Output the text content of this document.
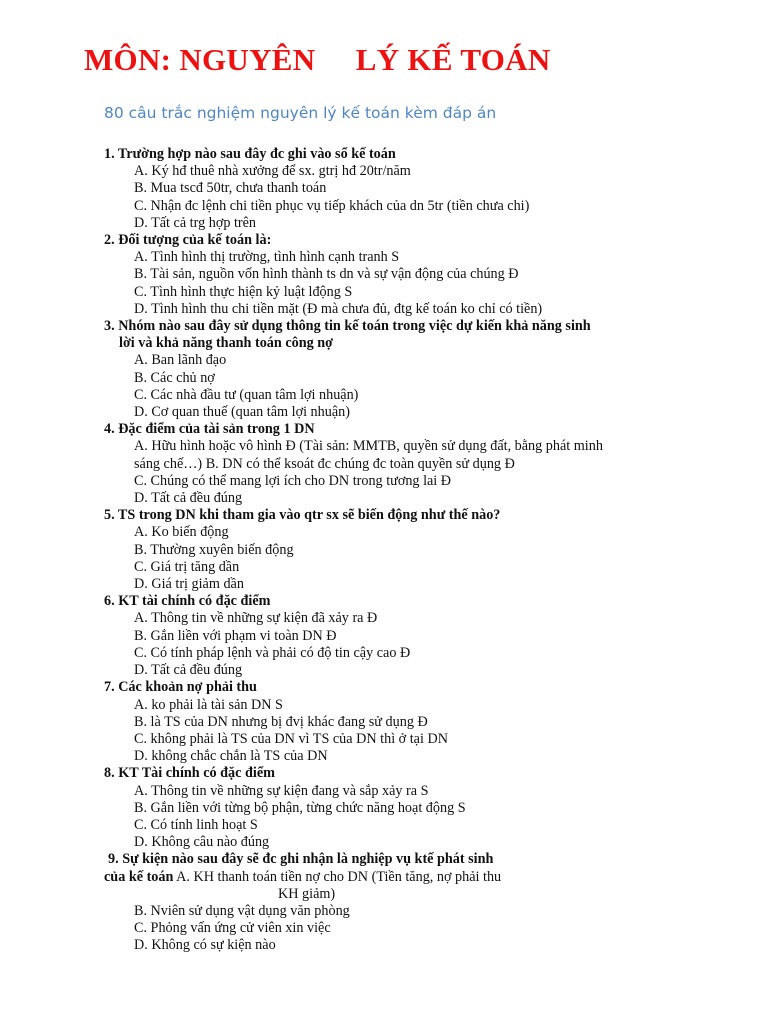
MÔN: NGUYÊN     LÝ KẾ TOÁN
80 câu trắc nghiệm nguyên lý kế toán kèm đáp án
1. Trường hợp nào sau đây đc ghi vào sổ kế toán
A. Ký hđ thuê nhà xưởng để sx. gtrị hđ 20tr/năm
B. Mua tscđ 50tr, chưa thanh toán
C. Nhận đc lệnh chi tiền phục vụ tiếp khách của dn 5tr (tiền chưa chi)
D. Tất cả trg hợp trên
2. Đối tượng của kế toán là:
A. Tình hình thị trường, tình hình cạnh tranh S
B. Tài sản, nguồn vốn hình thành ts dn và sự vận động của chúng Đ
C. Tình hình thực hiện kỷ luật lđộng S
D. Tình hình thu chi tiền mặt (Đ mà chưa đủ, đtg kế toán ko chỉ có tiền)
3. Nhóm nào sau đây sử dụng thông tin kế toán trong việc dự kiến khả năng sinh
lời và khả năng thanh toán công nợ
A. Ban lãnh đạo
B. Các chủ nợ
C. Các nhà đầu tư (quan tâm lợi nhuận)
D. Cơ quan thuế (quan tâm lợi nhuận)
4. Đặc điểm của tài sản trong 1 DN
A. Hữu hình hoặc vô hình Đ (Tài sản: MMTB, quyền sử dụng đất, bằng phát minh
sáng chế…) B. DN có thể ksoát đc chúng đc toàn quyền sử dụng Đ
C. Chúng có thể mang lợi ích cho DN trong tương lai Đ
D. Tất cả đều đúng
5. TS trong DN khi tham gia vào qtr sx sẽ biến động như thế nào?
A. Ko biến động
B. Thường xuyên biến động
C. Giá trị tăng dần
D. Giá trị giảm dần
6. KT tài chính có đặc điểm
A. Thông tin về những sự kiện đã xảy ra Đ
B. Gắn liền với phạm vi toàn DN Đ
C. Có tính pháp lệnh và phải có độ tin cậy cao Đ
D. Tất cả đều đúng
7. Các khoản nợ phải thu
A. ko phải là tài sản DN S
B. là TS của DN nhưng bị đvị khác đang sử dụng Đ
C. không phải là TS của DN vì TS của DN thì ở tại DN
D. không chắc chắn là TS của DN
8. KT Tài chính có đặc điểm
A. Thông tin về những sự kiện đang và sắp xảy ra S
B. Gắn liền với từng bộ phận, từng chức năng hoạt động S
C. Có tính linh hoạt S
D. Không câu nào đúng
9. Sự kiện nào sau đây sẽ đc ghi nhận là nghiệp vụ ktế phát sinh
của kế toán A. KH thanh toán tiền nợ cho DN (Tiền tăng, nợ phải thu
KH giảm)
B. Nviên sử dụng vật dụng văn phòng
C. Phỏng vấn ứng cử viên xin việc
D. Không có sự kiện nào
